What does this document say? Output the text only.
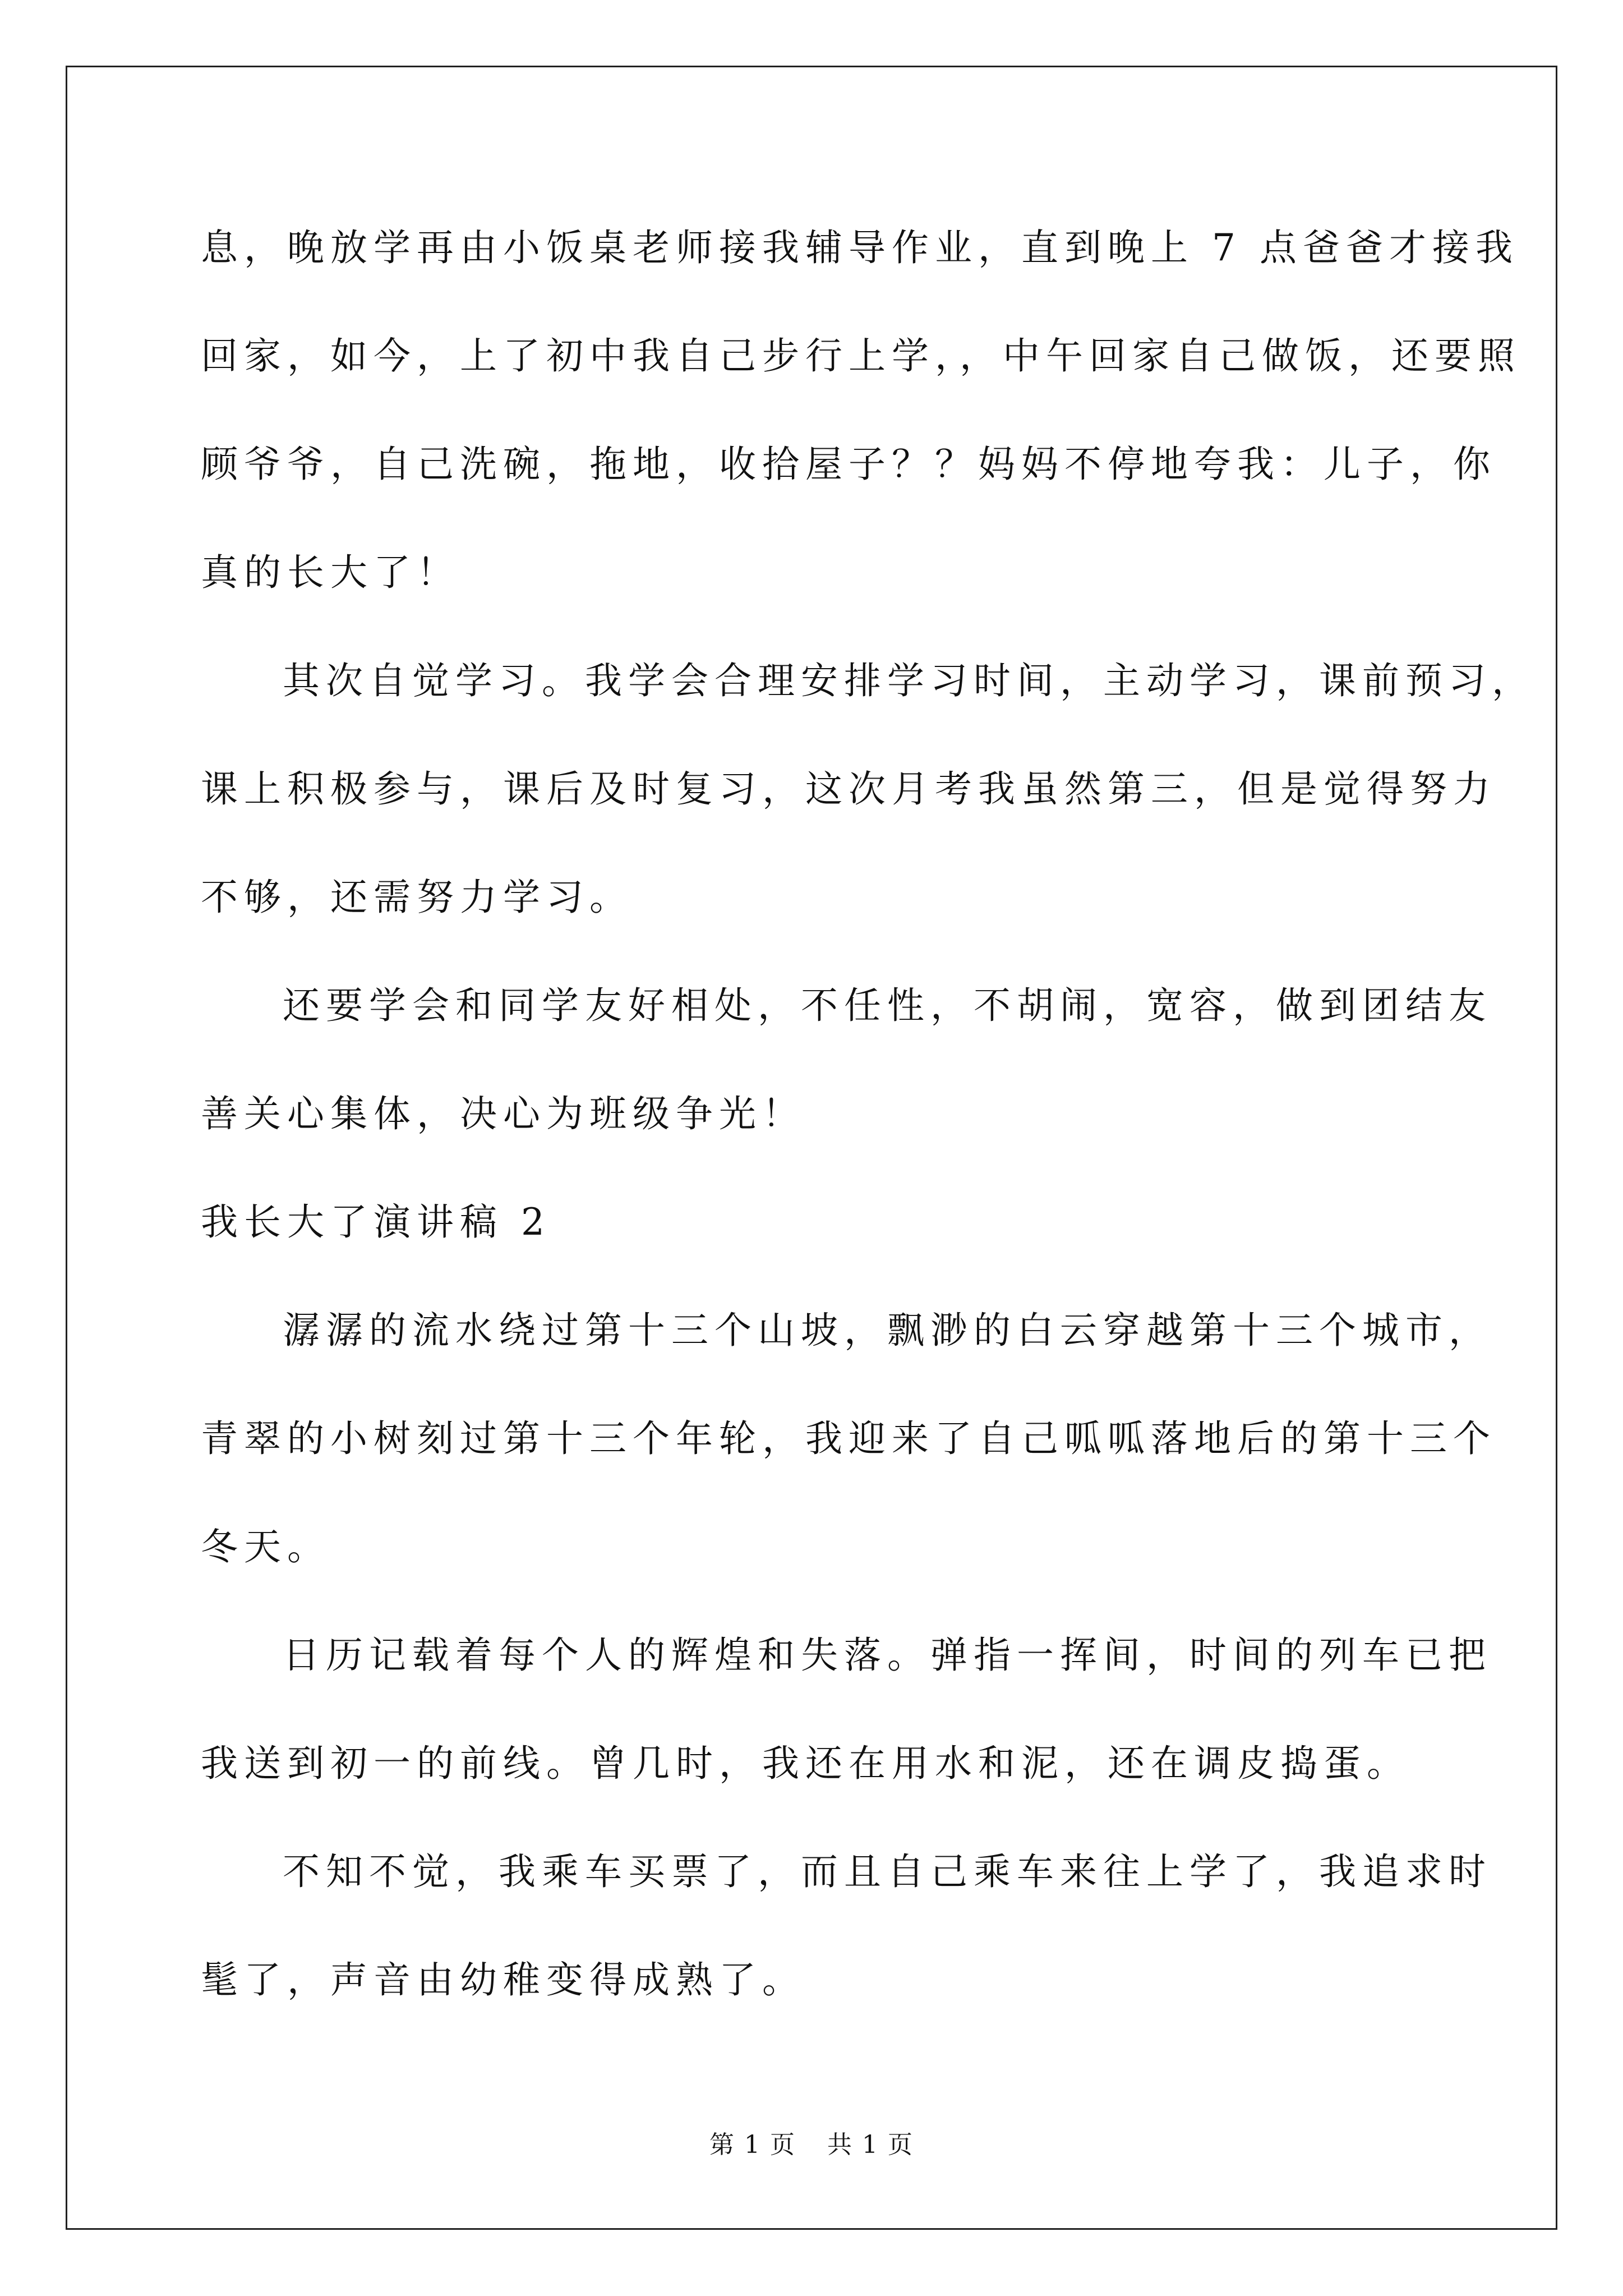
息，晚放学再由小饭桌老师接我辅导作业，直到晚上 7 点爸爸才接我
回家，如今，上了初中我自己步行上学，，中午回家自己做饭，还要照
顾爷爷，自己洗碗，拖地，收拾屋子？？妈妈不停地夸我：儿子，你
真的长大了！
其次自觉学习。我学会合理安排学习时间，主动学习，课前预习，
课上积极参与，课后及时复习，这次月考我虽然第三，但是觉得努力
不够，还需努力学习。
还要学会和同学友好相处，不任性，不胡闹，宽容，做到团结友
善关心集体，决心为班级争光！
我长大了演讲稿 2
潺潺的流水绕过第十三个山坡，飘渺的白云穿越第十三个城市，
青翠的小树刻过第十三个年轮，我迎来了自己呱呱落地后的第十三个
冬天。
日历记载着每个人的辉煌和失落。弹指一挥间，时间的列车已把
我送到初一的前线。曾几时，我还在用水和泥，还在调皮捣蛋。
不知不觉，我乘车买票了，而且自己乘车来往上学了，我追求时
髦了，声音由幼稚变得成熟了。
第 1 页 共 1 页
